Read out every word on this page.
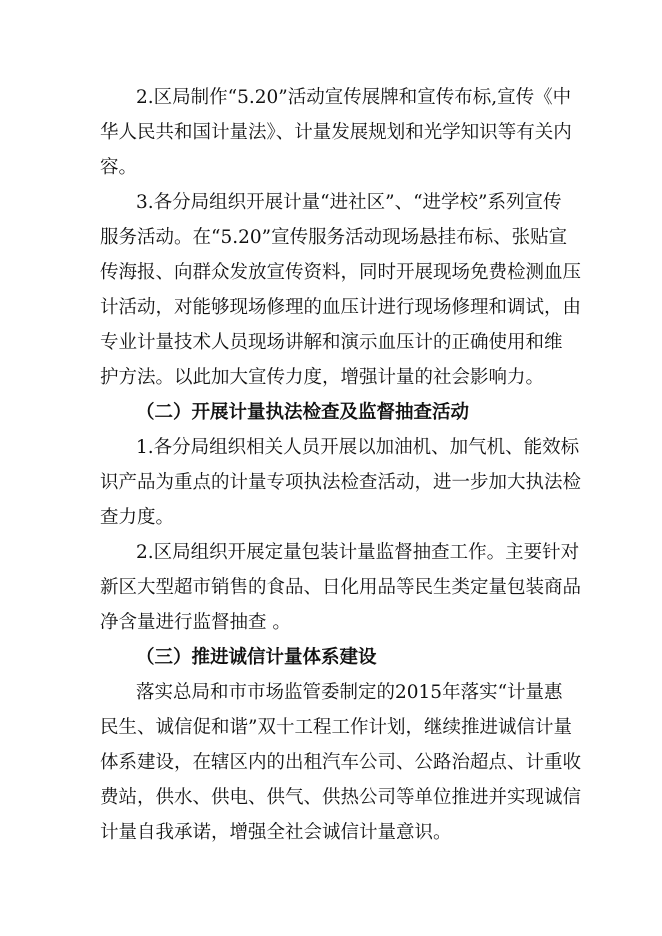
2.区局制作“5.20”活动宣传展牌和宣传布标,宣传《中
华人民共和国计量法》、计量发展规划和光学知识等有关内
容。
3.各分局组织开展计量“进社区”、“进学校”系列宣传
服务活动。在“5.20”宣传服务活动现场悬挂布标、张贴宣
传海报、向群众发放宣传资料，同时开展现场免费检测血压
计活动，对能够现场修理的血压计进行现场修理和调试，由
专业计量技术人员现场讲解和演示血压计的正确使用和维
护方法。以此加大宣传力度，增强计量的社会影响力。
（二）开展计量执法检查及监督抽查活动
1.各分局组织相关人员开展以加油机、加气机、能效标
识产品为重点的计量专项执法检查活动，进一步加大执法检
查力度。
2.区局组织开展定量包装计量监督抽查工作。主要针对
新区大型超市销售的食品、日化用品等民生类定量包装商品
净含量进行监督抽查 。
（三）推进诚信计量体系建设
落实总局和市市场监管委制定的2015年落实“计量惠
民生、诚信促和谐”双十工程工作计划，继续推进诚信计量
体系建设，在辖区内的出租汽车公司、公路治超点、计重收
费站，供水、供电、供气、供热公司等单位推进并实现诚信
计量自我承诺，增强全社会诚信计量意识。
